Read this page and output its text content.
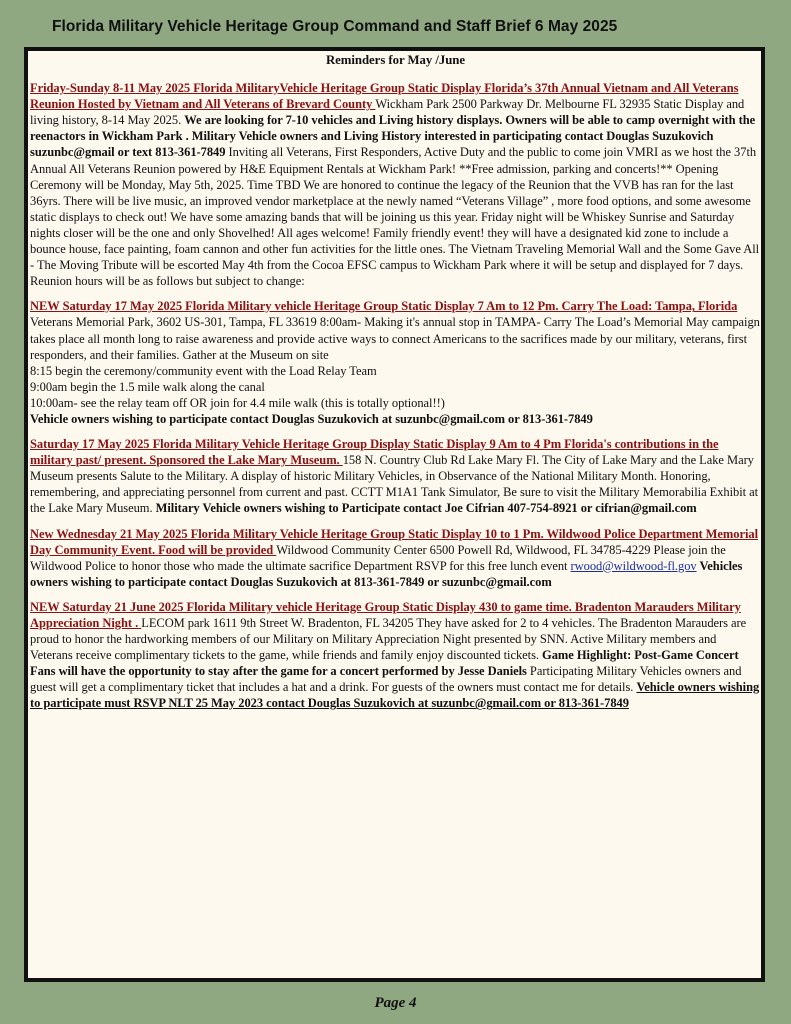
Florida Military Vehicle Heritage Group Command and Staff Brief 6 May 2025
Reminders for May /June

Friday-Sunday 8-11 May 2025 Florida MilitaryVehicle Heritage Group Static Display Florida’s 37th Annual Vietnam and All Veterans Reunion Hosted by Vietnam and All Veterans of Brevard County Wickham Park 2500 Parkway Dr. Melbourne FL 32935 Static Display and living history, 8-14 May 2025. We are looking for 7-10 vehicles and Living history displays. Owners will be able to camp overnight with the reenactors in Wickham Park . Military Vehicle owners and Living History interested in participating contact Douglas Suzukovich suzunbc@gmail or text 813-361-7849 Inviting all Veterans, First Responders, Active Duty and the public to come join VMRI as we host the 37th Annual All Veterans Reunion powered by H&E Equipment Rentals at Wickham Park! **Free admission, parking and concerts!** Opening Ceremony will be Monday, May 5th, 2025. Time TBD We are honored to continue the legacy of the Reunion that the VVB has ran for the last 36yrs. There will be live music, an improved vendor marketplace at the newly named “Veterans Village” , more food options, and some awesome static displays to check out! We have some amazing bands that will be joining us this year. Friday night will be Whiskey Sunrise and Saturday nights closer will be the one and only Shovelhed! All ages welcome! Family friendly event! they will have a designated kid zone to include a bounce house, face painting, foam cannon and other fun activities for the little ones. The Vietnam Traveling Memorial Wall and the Some Gave All - The Moving Tribute will be escorted May 4th from the Cocoa EFSC campus to Wickham Park where it will be setup and displayed for 7 days. Reunion hours will be as follows but subject to change:

NEW Saturday 17 May 2025 Florida Military vehicle Heritage Group Static Display 7 Am to 12 Pm. Carry The Load: Tampa, Florida Veterans Memorial Park, 3602 US-301, Tampa, FL 33619 8:00am- Making it's annual stop in TAMPA- Carry The Load’s Memorial May campaign takes place all month long to raise awareness and provide active ways to connect Americans to the sacrifices made by our military, veterans, first responders, and their families. Gather at the Museum on site

8:15 begin the ceremony/community event with the Load Relay Team

9:00am begin the 1.5 mile walk along the canal

10:00am- see the relay team off OR join for 4.4 mile walk (this is totally optional!!)

Vehicle owners wishing to participate contact Douglas Suzukovich at suzunbc@gmail.com or 813-361-7849

Saturday 17 May 2025 Florida Military Vehicle Heritage Group Display Static Display 9 Am to 4 Pm Florida's contributions in the military past/ present. Sponsored the Lake Mary Museum. 158 N. Country Club Rd Lake Mary Fl. The City of Lake Mary and the Lake Mary Museum presents Salute to the Military. A display of historic Military Vehicles, in Observance of the National Military Month. Honoring, remembering, and appreciating personnel from current and past. CCTT M1A1 Tank Simulator, Be sure to visit the Military Memorabilia Exhibit at the Lake Mary Museum. Military Vehicle owners wishing to Participate contact Joe Cifrian 407-754-8921 or cifrian@gmail.com

New Wednesday 21 May 2025 Florida Military Vehicle Heritage Group Static Display 10 to 1 Pm. Wildwood Police Department Memorial Day Community Event. Food will be provided Wildwood Community Center 6500 Powell Rd, Wildwood, FL 34785-4229 Please join the Wildwood Police to honor those who made the ultimate sacrifice Department RSVP for this free lunch event rwood@wildwood-fl.gov Vehicles owners wishing to participate contact Douglas Suzukovich at 813-361-7849 or suzunbc@gmail.com

NEW Saturday 21 June 2025 Florida Military vehicle Heritage Group Static Display 430 to game time. Bradenton Marauders Military Appreciation Night . LECOM park 1611 9th Street W. Bradenton, FL 34205 They have asked for 2 to 4 vehicles. The Bradenton Marauders are proud to honor the hardworking members of our Military on Military Appreciation Night presented by SNN. Active Military members and Veterans receive complimentary tickets to the game, while friends and family enjoy discounted tickets. Game Highlight: Post-Game Concert Fans will have the opportunity to stay after the game for a concert performed by Jesse Daniels Participating Military Vehicles owners and guest will get a complimentary ticket that includes a hat and a drink. For guests of the owners must contact me for details. Vehicle owners wishing to participate must RSVP NLT 25 May 2023 contact Douglas Suzukovich at suzunbc@gmail.com or 813-361-7849

Page 4
